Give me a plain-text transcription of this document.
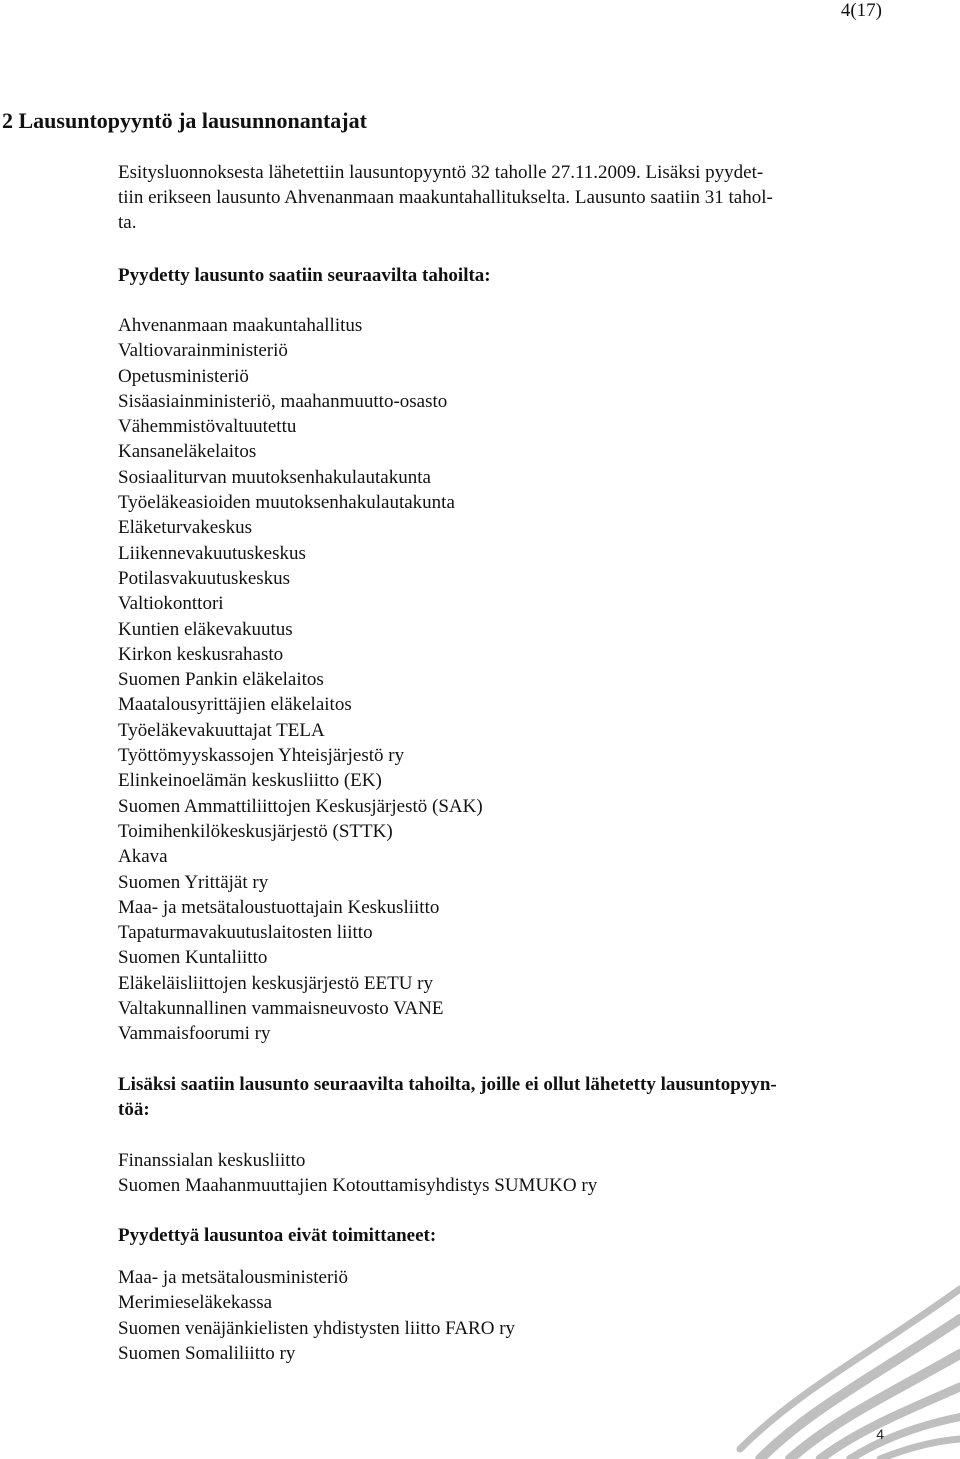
4(17)
2 Lausuntopyyntö ja lausunnonantajat

Esitysluonnoksesta lähetettiin lausuntopyyntö 32 taholle 27.11.2009. Lisäksi pyydet-
tiin erikseen lausunto Ahvenanmaan maakuntahallitukselta. Lausunto saatiin 31 tahol-
ta.

Pyydetty lausunto saatiin seuraavilta tahoilta:
Ahvenanmaan maakuntahallitus
Valtiovarainministeriö
Opetusministeriö
Sisäasiainministeriö, maahanmuutto-osasto
Vähemmistövaltuutettu
Kansaneläkelaitos
Sosiaaliturvan muutoksenhakulautakunta
Työeläkeasioiden muutoksenhakulautakunta
Eläketurvakeskus
Liikennevakuutuskeskus
Potilasvakuutuskeskus
Valtiokonttori
Kuntien eläkevakuutus
Kirkon keskusrahasto
Suomen Pankin eläkelaitos
Maatalousyrittäjien eläkelaitos
Työeläkevakuuttajat TELA
Työttömyyskassojen Yhteisjärjestö ry
Elinkeinoelämän keskusliitto (EK)
Suomen Ammattiliittojen Keskusjärjestö (SAK)
Toimihenkilökeskusjärjestö (STTK)
Akava
Suomen Yrittäjät ry
Maa- ja metsätaloustuottajain Keskusliitto
Tapaturmavakuutuslaitosten liitto
Suomen Kuntaliitto
Eläkeläisliittojen keskusjärjestö EETU ry
Valtakunnallinen vammaisneuvosto VANE
Vammaisfoorumi ry
Lisäksi saatiin lausunto seuraavilta tahoilta, joille ei ollut lähetetty lausuntopyyn-
töä:
Finanssialan keskusliitto
Suomen Maahanmuuttajien Kotouttamisyhdistys SUMUKO ry
Pyydettyä lausuntoa eivät toimittaneet:
Maa- ja metsätalousministeriö
Merimieseläkekassa
Suomen venäjänkielisten yhdistysten liitto FARO ry
Suomen Somaliliitto ry
4
